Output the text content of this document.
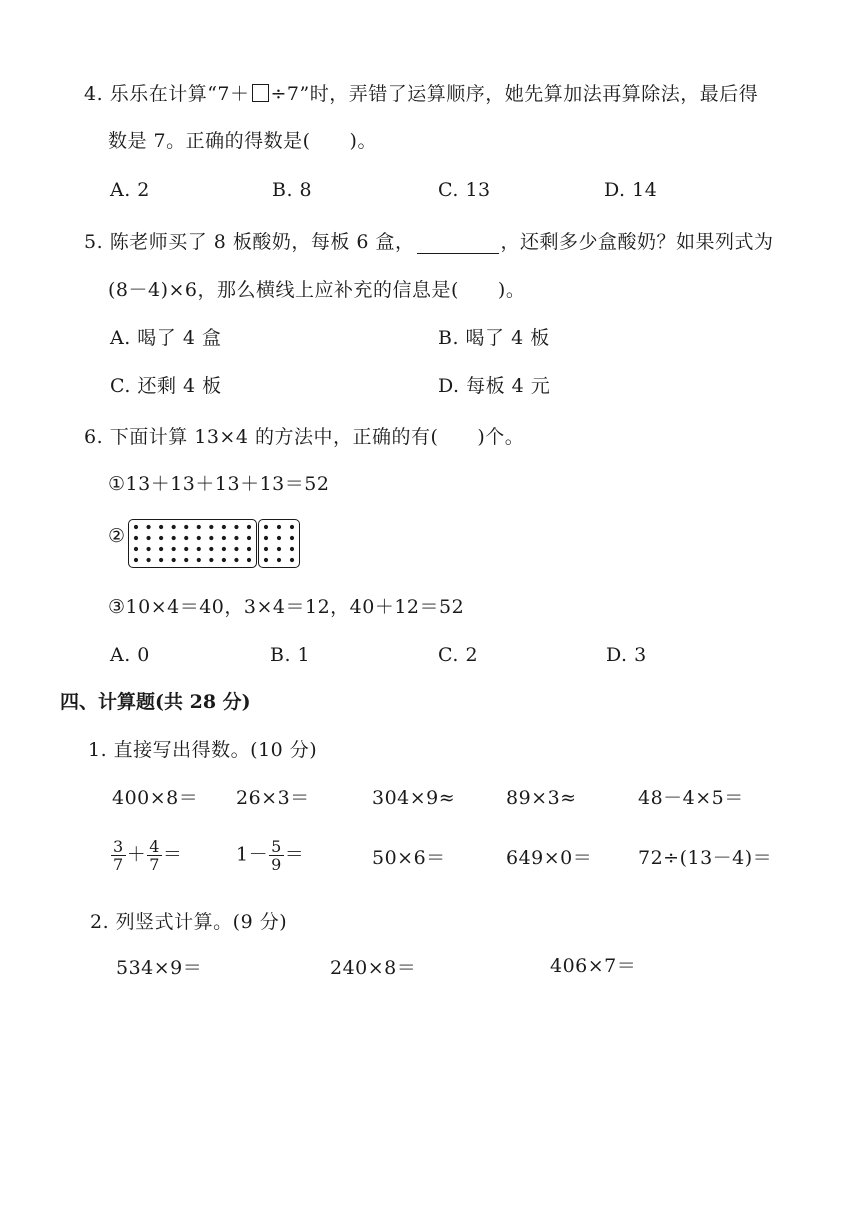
4. 乐乐在计算“7＋ ÷7”时，弄错了运算顺序，她先算加法再算除法，最后得
数是 7。正确的得数是(　　)。
A. 2	B. 8	C. 13	D. 14
5. 陈老师买了 8 板酸奶，每板 6 盒，	，还剩多少盒酸奶？如果列式为
(8－4)×6，那么横线上应补充的信息是(　　)。
A. 喝了 4 盒	B. 喝了 4 板
C. 还剩 4 板	D. 每板 4 元
6. 下面计算 13×4 的方法中，正确的有(　　)个。
①13＋13＋13＋13＝52
②
③10×4＝40，3×4＝12，40＋12＝52
A. 0	B. 1	C. 2	D. 3
四、计算题(共 28 分)
1. 直接写出得数。(10 分)
400×8＝ 26×3＝	304×9≈	89×3≈	48－4×5＝
$\frac{3}{7} + \frac{4}{7}$ ＝	$1- \frac{5}{9}$ ＝	50×6＝	649×0＝ 72÷(13－4)＝
2. 列竖式计算。(9 分)
534×9＝	240×8＝	406×7＝
